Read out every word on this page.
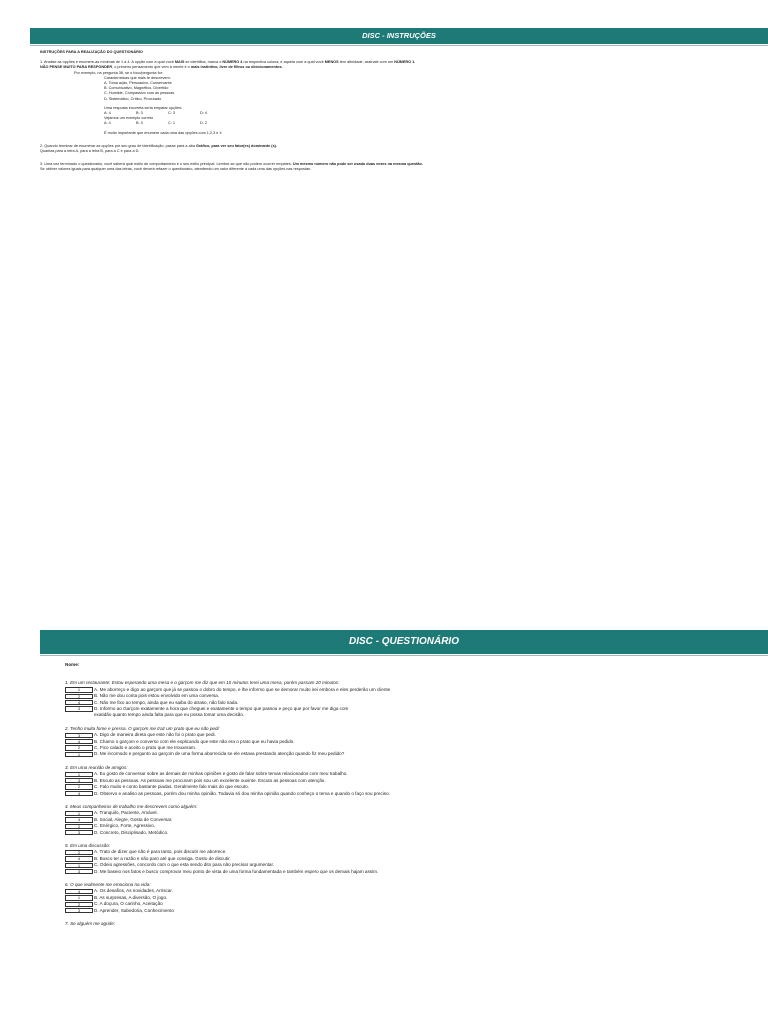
DISC - INSTRUÇÕES
INSTRUÇÕES PARA A REALIZAÇÃO DO QUESTIONÁRIO

1. Analise as opções e enumere-as mínimas de 1 a 4. A opção com a qual você MAIS se identifica, marca o NÚMERO 4 na respectiva coluna, e aquela com a qual você MENOS tem afinidade, assinale com um NÚMERO 1.

NÃO PENSE MUITO PARA RESPONDER, o primeiro pensamento que vem à mente é o mais instintivo, livre de filtros ou direcionamentos.

Por exemplo, na pergunta 36, se o foco/pergunta for:

Características que mais te descrevem:

A. Toma ação, Persuasivo, Conservante

B. Comunicativo, Magnético, Divertido

C. Humilde, Compassivo com as pessoas

D. Sistemático, Crítico, Procurado

Uma resposta incorreta seria empatar opções:

A: 4	B: 3	C: 3	D: 4

Vejamos um exemplo correto

A: 4	B: 3	C: 1	D: 2

É muito importante que enumere cada uma das opções com 1,2,3 e 4

2. Quando terminar de enumerar as opções por seu grau de identificação, passe para a aba Gráfico, para ver seu fator(es) dominante (s).

Quantas para a letra A, para a letra B, para a C e para a D.

3. Uma vez terminado o questionário, você saberá qual estilo de comportamento é o seu estilo principal. Lembre-se que não podem ocorrer empates. Um mesmo número não pode ser usado duas vezes na mesma questão.

Se obtiver valores iguais para qualquer uma das letras, você deverá refazer o questionário, atendendo um valor diferente a cada uma das opções nas respostas.

DISC - QUESTIONÁRIO
Nome:
1. Em um restaurante: Estou esperando uma mesa e o garçom me diz que em 10 minutos terei uma mesa, porém passam 20 minutos:
1	A. Me aborreço e digo ao garçom que já se passou o dobro do tempo, e lhe informo que se demorar muito irei embora e eles perderão um cliente
2	B. Não me dou conta pois estou envolvido em uma conversa.
4	C. Não me fixo ao tempo, ainda que eu saiba do atraso, não falo nada.
3	D. Informo ao Garçom exatamente a hora que cheguei e exatamente o tempo que passou e peço que por favor me diga com
exatidão quanto tempo ainda falta para que eu possa tomar uma decisão.
2. Tenho muita fome e pressa. O garçom me traz um prato que eu não pedi:
3	A. Digo de maneira direta que este não foi o prato que pedi.
4	B. Chamo o garçom e converso com ele explicando que este não era o prato que eu havia pedido.
2	C. Fico calado e aceito o prato que me trouxeram.
1	D. Me incomodo e pergunto ao garçom de uma forma aborrecida se ele estava prestando atenção quando fiz meu pedido?
3. Em uma reunião de amigos:
1	A. Eu gosto de conversar sobre as demais de minhas opiniões e gosto de falar sobre temas relacionados com meu trabalho.
3	B. Escuto as pessoas. As pessoas me procuram pois sou um excelente ouvinte. Escuto as pessoas com atenção.
2	C. Falo muito e conto bastante piadas. Geralmente falo mais do que escuto.
4	D. Observo e analiso as pessoas, porém dou minha opinião. Todavia só dou minha opinião quando conheço o tema e quando o faço sou preciso.
4. Meus companheiros de trabalho me descrevem como alguém:
1	A. Tranquilo, Paciente, Amável.
4	B. Social, Alegre, Gosta de Conversar.
2	C. Enérgico, Forte, Agressivo.
3	D. Concreto, Disciplinado, Metódico.
5. Em uma discussão:
2	A. Trato de dizer que não é para tanto, pois discutir me aborrece.
4	B. Busco ter a razão e não paro até que consiga. Gosto de discutir.
1	C. Odeio agressões, concordo com o que esta sendo dito para não precisar argumentar.
3	D. Me baseio nos fatos e busco comprovar meu ponto de vista de uma forma fundamentada e também espero que os demais hajam assim.
6. O que realmente me emociona na vida:
4	A. Os desafios, As novidades, Arriscar.
1	B. As surpresas, A diversão, O jogo.
2	C. A doçura, O carinho, Aceitação
3	D. Aprender, Sabedoria, Conhecimento
7. Se alguém me agride:
